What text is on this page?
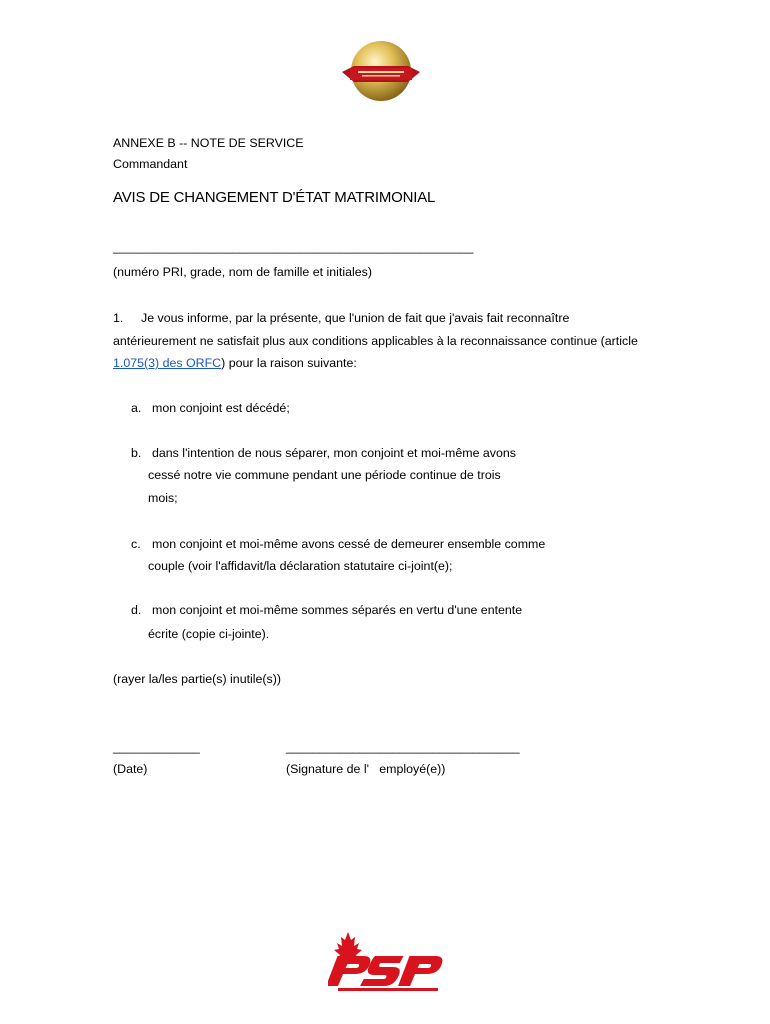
ANNEXE B -- NOTE DE SERVICE
Commandant
AVIS DE CHANGEMENT D'ÉTAT MATRIMONIAL
______________________________________________________
(numéro PRI, grade, nom de famille et initiales)
1. Je vous informe, par la présente, que l'union de fait que j'avais fait reconnaître
antérieurement ne satisfait plus aux conditions applicables à la reconnaissance continue (article
1.075(3) des ORFC) pour la raison suivante:
a. mon conjoint est décédé;
b. dans l'intention de nous séparer, mon conjoint et moi-même avons
cessé notre vie commune pendant une période continue de trois
mois;
c. mon conjoint et moi-même avons cessé de demeurer ensemble comme
couple (voir l'affidavit/la déclaration statutaire ci-joint(e);
d. mon conjoint et moi-même sommes séparés en vertu d'une entente
écrite (copie ci-jointe).
(rayer la/les partie(s) inutile(s))
_____________	___________________________________
(Date)	(Signature de l'   employé(e))
